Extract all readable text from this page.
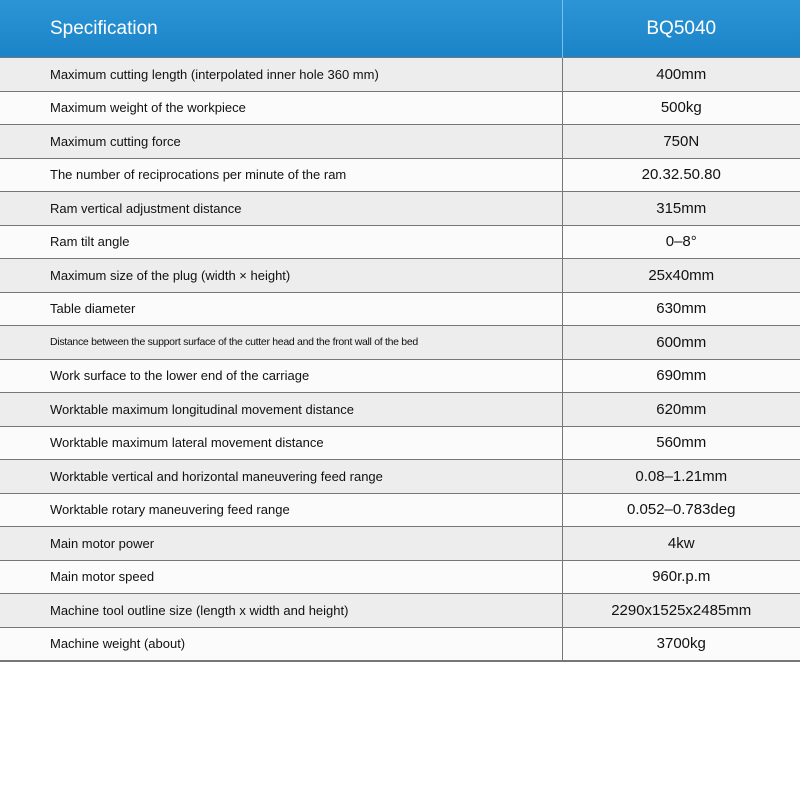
Specification	BQ5040
Maximum cutting length (interpolated inner hole 360 mm)	400mm
Maximum weight of the workpiece	500kg
Maximum cutting force	750N
The number of reciprocations per minute of the ram	20.32.50.80
Ram vertical adjustment distance	315mm
Ram tilt angle	0–8°
Maximum size of the plug (width × height)	25x40mm
Table diameter	630mm
Distance between the support surface of the cutter head and the front wall of the bed	600mm
Work surface to the lower end of the carriage	690mm
Worktable maximum longitudinal movement distance	620mm
Worktable maximum lateral movement distance	560mm
Worktable vertical and horizontal maneuvering feed range	0.08–1.21mm
Worktable rotary maneuvering feed range	0.052–0.783deg
Main motor power	4kw
Main motor speed	960r.p.m
Machine tool outline size (length x width and height)	2290x1525x2485mm
Machine weight (about)	3700kg
